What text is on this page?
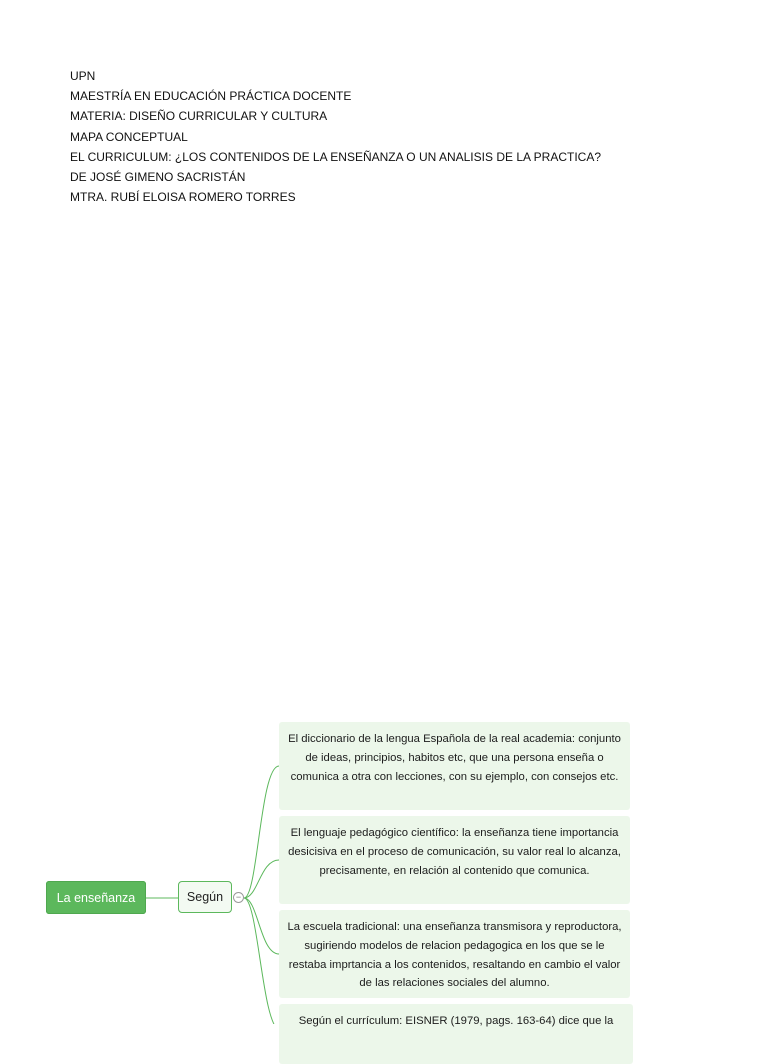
UPN
MAESTRÍA EN EDUCACIÓN PRÁCTICA DOCENTE
MATERIA: DISEÑO CURRICULAR Y CULTURA
MAPA CONCEPTUAL
EL CURRICULUM: ¿LOS CONTENIDOS DE LA ENSEÑANZA O UN ANALISIS DE LA PRACTICA?
DE JOSÉ GIMENO SACRISTÁN
MTRA. RUBÍ ELOISA ROMERO TORRES
La enseñanza	Según	−
El diccionario de la lengua Española de la real academia: conjunto de ideas, principios, habitos etc, que una persona enseña o comunica a otra con lecciones, con su ejemplo, con consejos etc.
El lenguaje pedagógico científico: la enseñanza tiene importancia desicisiva en el proceso de comunicación, su valor real lo alcanza, precisamente, en relación al contenido que comunica.
La escuela tradicional: una enseñanza transmisora y reproductora, sugiriendo modelos de relacion pedagogica en los que se le restaba imprtancia a los contenidos, resaltando en cambio el valor de las relaciones sociales del alumno.
Según el currículum: EISNER (1979, pags. 163-64) dice que la
